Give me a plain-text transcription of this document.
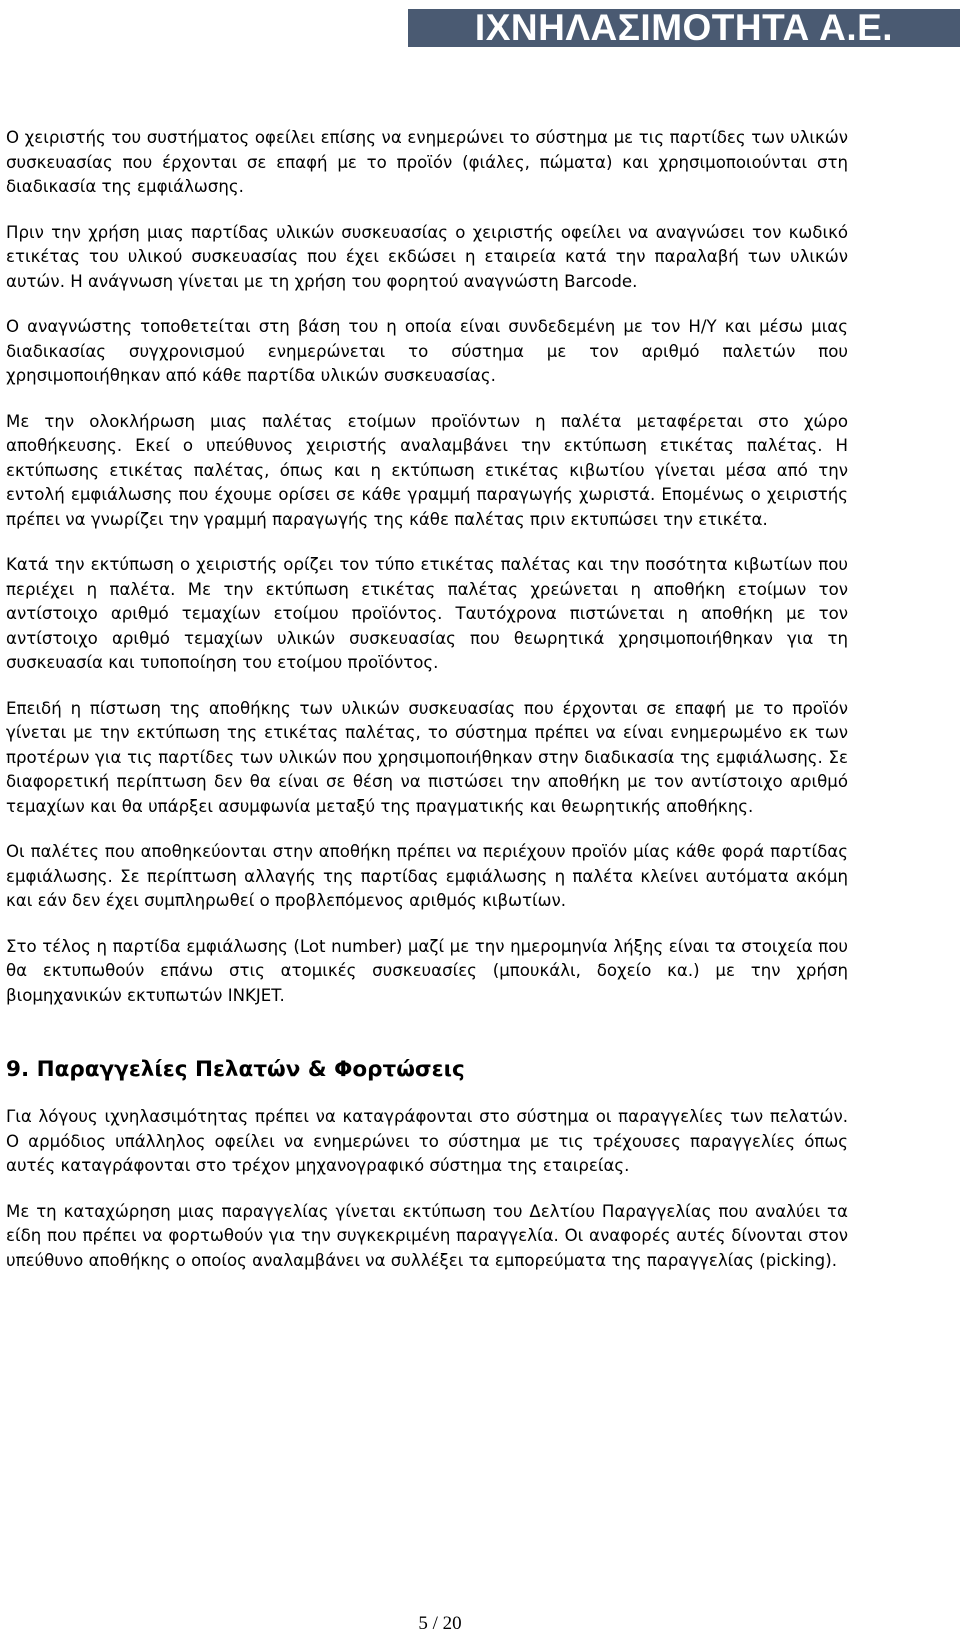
ΙΧΝΗΛΑΣΙΜΟΤΗΤΑ Α.Ε.

Ο χειριστής του συστήματος οφείλει επίσης να ενημερώνει το σύστημα με τις παρτίδες των υλικών συσκευασίας που έρχονται σε επαφή με το προϊόν (φιάλες, πώματα) και χρησιμοποιούνται στη διαδικασία της εμφιάλωσης.

Πριν την χρήση μιας παρτίδας υλικών συσκευασίας ο χειριστής οφείλει να αναγνώσει τον κωδικό ετικέτας του υλικού συσκευασίας που έχει εκδώσει η εταιρεία κατά την παραλαβή των υλικών αυτών. Η ανάγνωση γίνεται με τη χρήση του φορητού αναγνώστη Barcode.

Ο αναγνώστης τοποθετείται στη βάση του η οποία είναι συνδεδεμένη με τον Η/Υ και μέσω μιας διαδικασίας συγχρονισμού ενημερώνεται το σύστημα με τον αριθμό παλετών που χρησιμοποιήθηκαν από κάθε παρτίδα υλικών συσκευασίας.

Με την ολοκλήρωση μιας παλέτας ετοίμων προϊόντων η παλέτα μεταφέρεται στο χώρο αποθήκευσης. Εκεί ο υπεύθυνος χειριστής αναλαμβάνει την εκτύπωση ετικέτας παλέτας. Η εκτύπωσης ετικέτας παλέτας, όπως και η εκτύπωση ετικέτας κιβωτίου γίνεται μέσα από την εντολή εμφιάλωσης που έχουμε ορίσει σε κάθε γραμμή παραγωγής χωριστά. Επομένως ο χειριστής πρέπει να γνωρίζει την γραμμή παραγωγής της κάθε παλέτας πριν εκτυπώσει την ετικέτα.

Κατά την εκτύπωση ο χειριστής ορίζει τον τύπο ετικέτας παλέτας και την ποσότητα κιβωτίων που περιέχει η παλέτα. Με την εκτύπωση ετικέτας παλέτας χρεώνεται η αποθήκη ετοίμων τον αντίστοιχο αριθμό τεμαχίων ετοίμου προϊόντος. Ταυτόχρονα πιστώνεται η αποθήκη με τον αντίστοιχο αριθμό τεμαχίων υλικών συσκευασίας που θεωρητικά χρησιμοποιήθηκαν για τη συσκευασία και τυποποίηση του ετοίμου προϊόντος.

Επειδή η πίστωση της αποθήκης των υλικών συσκευασίας που έρχονται σε επαφή με το προϊόν γίνεται με την εκτύπωση της ετικέτας παλέτας, το σύστημα πρέπει να είναι ενημερωμένο εκ των προτέρων για τις παρτίδες των υλικών που χρησιμοποιήθηκαν στην διαδικασία της εμφιάλωσης. Σε διαφορετική περίπτωση δεν θα είναι σε θέση να πιστώσει την αποθήκη με τον αντίστοιχο αριθμό τεμαχίων και θα υπάρξει ασυμφωνία μεταξύ της πραγματικής και θεωρητικής αποθήκης.

Οι παλέτες που αποθηκεύονται στην αποθήκη πρέπει να περιέχουν προϊόν μίας κάθε φορά παρτίδας εμφιάλωσης. Σε περίπτωση αλλαγής της παρτίδας εμφιάλωσης η παλέτα κλείνει αυτόματα ακόμη και εάν δεν έχει συμπληρωθεί ο προβλεπόμενος αριθμός κιβωτίων.

Στο τέλος η παρτίδα εμφιάλωσης (Lot number) μαζί με την ημερομηνία λήξης είναι τα στοιχεία που θα εκτυπωθούν επάνω στις ατομικές συσκευασίες (μπουκάλι, δοχείο κα.) με την χρήση βιομηχανικών εκτυπωτών INKJET.

9. Παραγγελίες Πελατών & Φορτώσεις

Για λόγους ιχνηλασιμότητας πρέπει να καταγράφονται στο σύστημα οι παραγγελίες των πελατών. Ο αρμόδιος υπάλληλος οφείλει να ενημερώνει το σύστημα με τις τρέχουσες παραγγελίες όπως αυτές καταγράφονται στο τρέχον μηχανογραφικό σύστημα της εταιρείας.

Με τη καταχώρηση μιας παραγγελίας γίνεται εκτύπωση του Δελτίου Παραγγελίας που αναλύει τα είδη που πρέπει να φορτωθούν για την συγκεκριμένη παραγγελία. Οι αναφορές αυτές δίνονται στον υπεύθυνο αποθήκης ο οποίος αναλαμβάνει να συλλέξει τα εμπορεύματα της παραγγελίας (picking).

5 / 20
